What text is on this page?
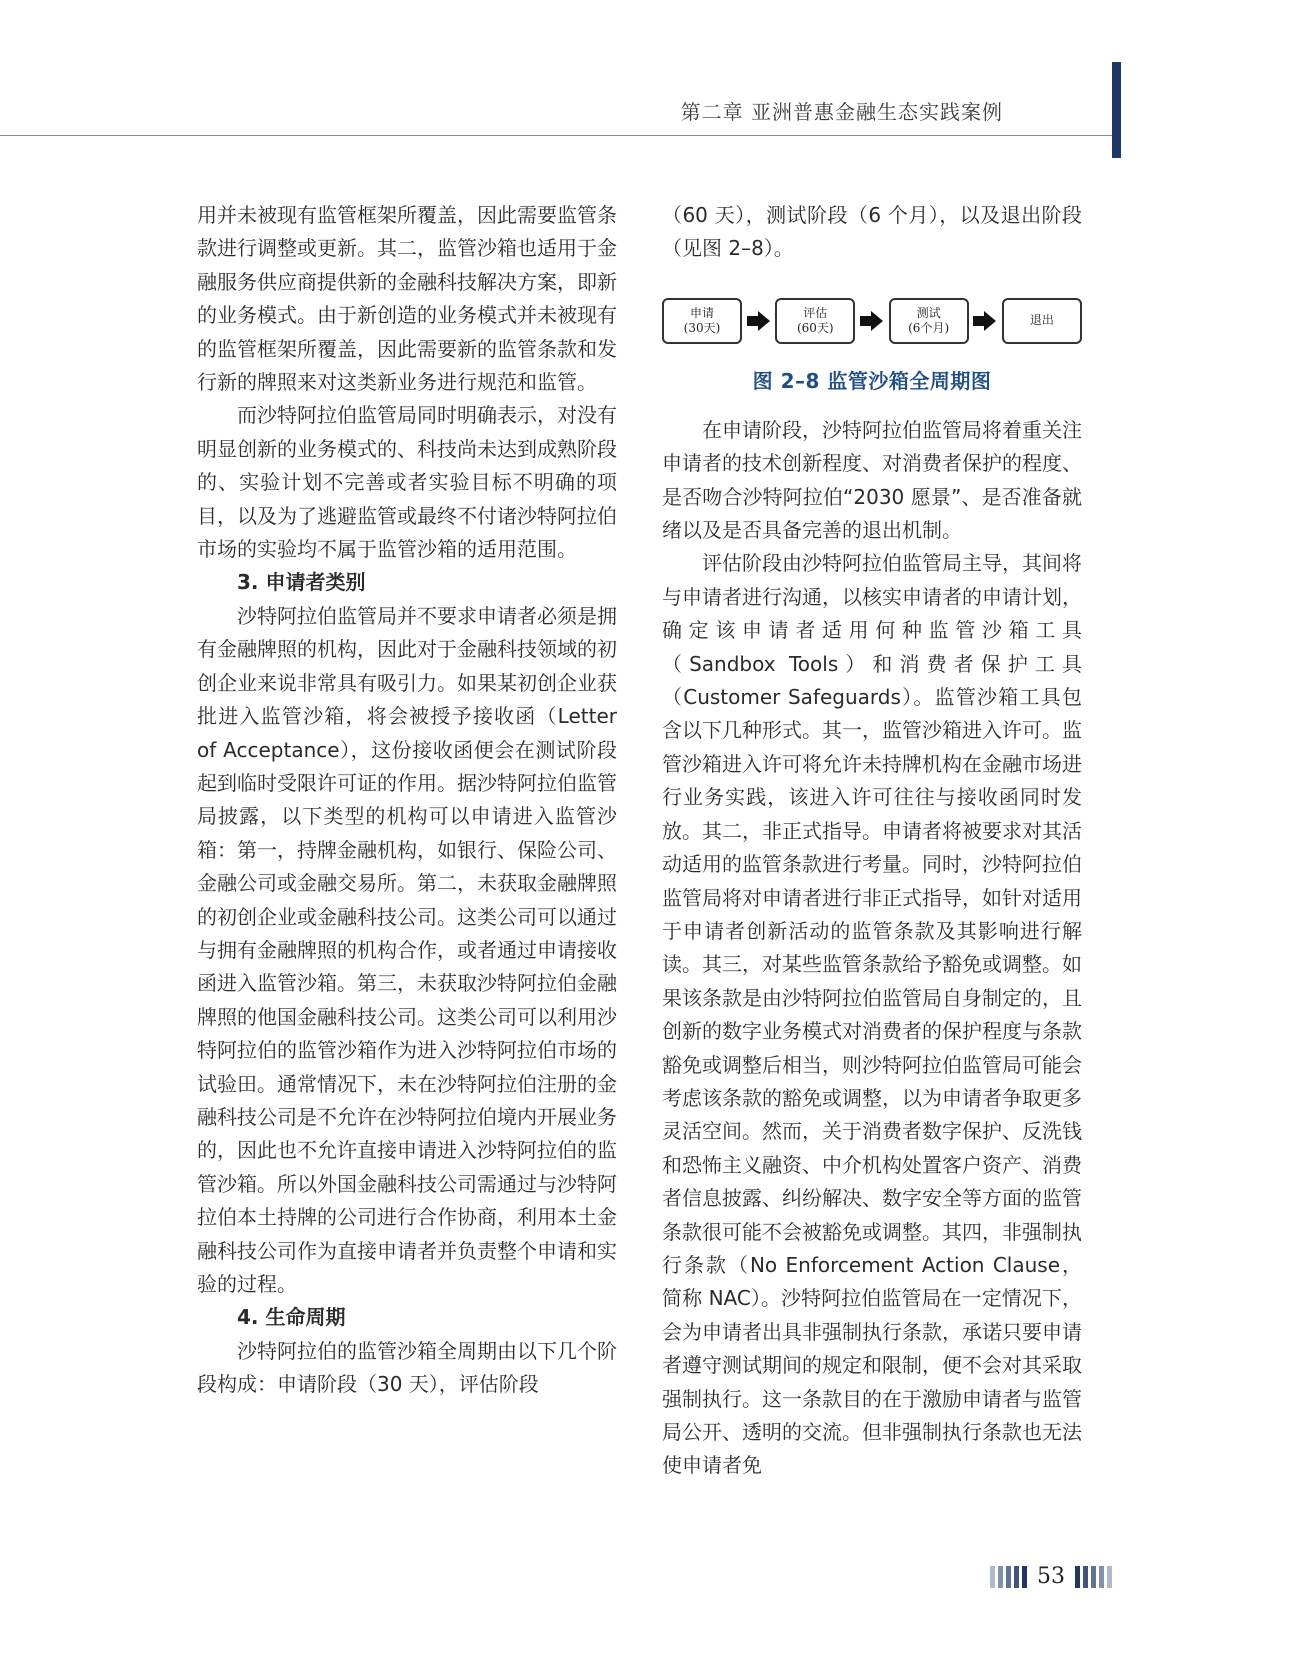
第二章 亚洲普惠金融生态实践案例

用并未被现有监管框架所覆盖，因此需要监管条款进行调整或更新。其二，监管沙箱也适用于金融服务供应商提供新的金融科技解决方案，即新的业务模式。由于新创造的业务模式并未被现有的监管框架所覆盖，因此需要新的监管条款和发行新的牌照来对这类新业务进行规范和监管。

而沙特阿拉伯监管局同时明确表示，对没有明显创新的业务模式的、科技尚未达到成熟阶段的、实验计划不完善或者实验目标不明确的项目，以及为了逃避监管或最终不付诸沙特阿拉伯市场的实验均不属于监管沙箱的适用范围。

3. 申请者类别

沙特阿拉伯监管局并不要求申请者必须是拥有金融牌照的机构，因此对于金融科技领域的初创企业来说非常具有吸引力。如果某初创企业获批进入监管沙箱，将会被授予接收函（Letter of Acceptance），这份接收函便会在测试阶段起到临时受限许可证的作用。据沙特阿拉伯监管局披露，以下类型的机构可以申请进入监管沙箱：第一，持牌金融机构，如银行、保险公司、金融公司或金融交易所。第二，未获取金融牌照的初创企业或金融科技公司。这类公司可以通过与拥有金融牌照的机构合作，或者通过申请接收函进入监管沙箱。第三，未获取沙特阿拉伯金融牌照的他国金融科技公司。这类公司可以利用沙特阿拉伯的监管沙箱作为进入沙特阿拉伯市场的试验田。通常情况下，未在沙特阿拉伯注册的金融科技公司是不允许在沙特阿拉伯境内开展业务的，因此也不允许直接申请进入沙特阿拉伯的监管沙箱。所以外国金融科技公司需通过与沙特阿拉伯本土持牌的公司进行合作协商，利用本土金融科技公司作为直接申请者并负责整个申请和实验的过程。

4. 生命周期

沙特阿拉伯的监管沙箱全周期由以下几个阶段构成：申请阶段（30 天），评估阶段

（60 天），测试阶段（6 个月），以及退出阶段（见图 2–8）。

申请
(30天)
评估
(60天)
测试
(6个月)
退出
图 2–8 监管沙箱全周期图

在申请阶段，沙特阿拉伯监管局将着重关注申请者的技术创新程度、对消费者保护的程度、是否吻合沙特阿拉伯“2030 愿景”、是否准备就绪以及是否具备完善的退出机制。

评估阶段由沙特阿拉伯监管局主导，其间将与申请者进行沟通，以核实申请者的申请计划，确定该申请者适用何种监管沙箱工具（Sandbox Tools）和消费者保护工具（Customer Safeguards）。监管沙箱工具包含以下几种形式。其一，监管沙箱进入许可。监管沙箱进入许可将允许未持牌机构在金融市场进行业务实践，该进入许可往往与接收函同时发放。其二，非正式指导。申请者将被要求对其活动适用的监管条款进行考量。同时，沙特阿拉伯监管局将对申请者进行非正式指导，如针对适用于申请者创新活动的监管条款及其影响进行解读。其三，对某些监管条款给予豁免或调整。如果该条款是由沙特阿拉伯监管局自身制定的，且创新的数字业务模式对消费者的保护程度与条款豁免或调整后相当，则沙特阿拉伯监管局可能会考虑该条款的豁免或调整，以为申请者争取更多灵活空间。然而，关于消费者数字保护、反洗钱和恐怖主义融资、中介机构处置客户资产、消费者信息披露、纠纷解决、数字安全等方面的监管条款很可能不会被豁免或调整。其四，非强制执行条款（No Enforcement Action Clause，简称 NAC）。沙特阿拉伯监管局在一定情况下，会为申请者出具非强制执行条款，承诺只要申请者遵守测试期间的规定和限制，便不会对其采取强制执行。这一条款目的在于激励申请者与监管局公开、透明的交流。但非强制执行条款也无法使申请者免

53
